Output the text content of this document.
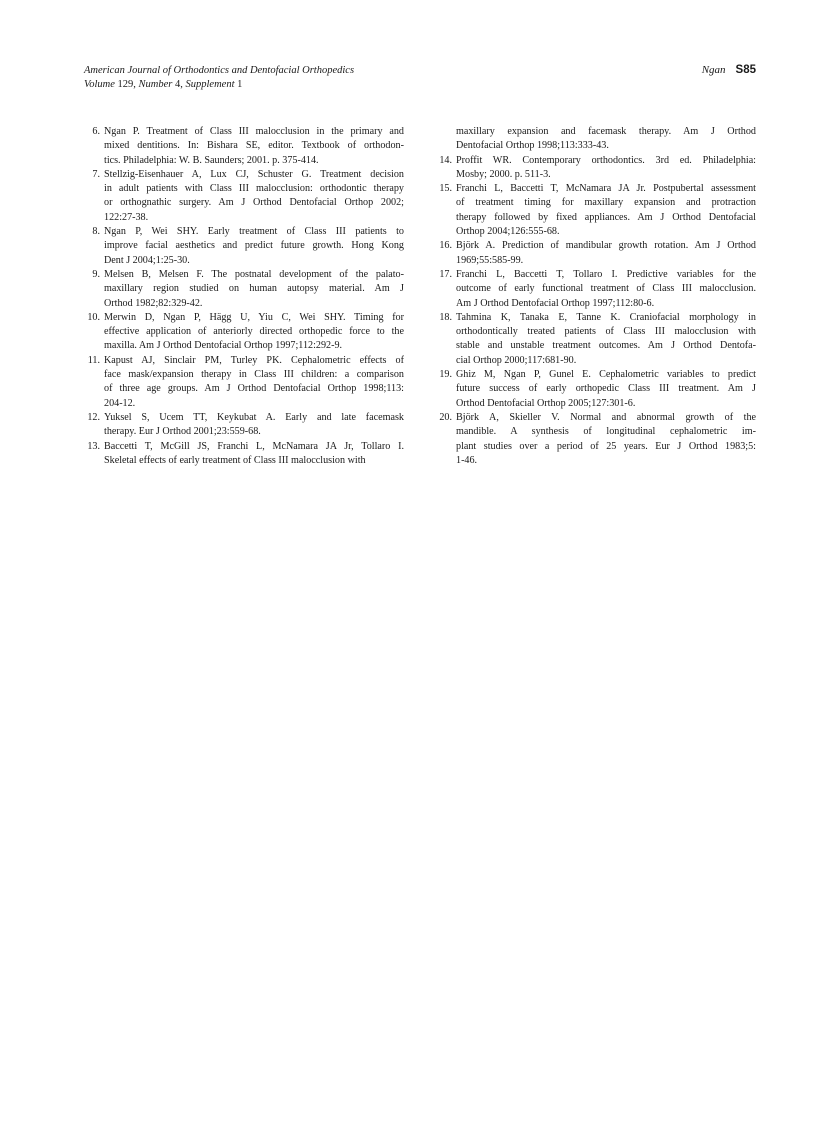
American Journal of Orthodontics and Dentofacial Orthopedics
Volume 129, Number 4, Supplement 1
Ngan S85
6. Ngan P. Treatment of Class III malocclusion in the primary and
mixed dentitions. In: Bishara SE, editor. Textbook of orthodon-
tics. Philadelphia: W. B. Saunders; 2001. p. 375-414.
7. Stellzig-Eisenhauer A, Lux CJ, Schuster G. Treatment decision
in adult patients with Class III malocclusion: orthodontic therapy
or orthognathic surgery. Am J Orthod Dentofacial Orthop 2002;
122:27-38.
8. Ngan P, Wei SHY. Early treatment of Class III patients to
improve facial aesthetics and predict future growth. Hong Kong
Dent J 2004;1:25-30.
9. Melsen B, Melsen F. The postnatal development of the palato-
maxillary region studied on human autopsy material. Am J
Orthod 1982;82:329-42.
10. Merwin D, Ngan P, Hägg U, Yiu C, Wei SHY. Timing for
effective application of anteriorly directed orthopedic force to the
maxilla. Am J Orthod Dentofacial Orthop 1997;112:292-9.
11. Kapust AJ, Sinclair PM, Turley PK. Cephalometric effects of
face mask/expansion therapy in Class III children: a comparison
of three age groups. Am J Orthod Dentofacial Orthop 1998;113:
204-12.
12. Yuksel S, Ucem TT, Keykubat A. Early and late facemask
therapy. Eur J Orthod 2001;23:559-68.
13. Baccetti T, McGill JS, Franchi L, McNamara JA Jr, Tollaro I.
Skeletal effects of early treatment of Class III malocclusion with
maxillary expansion and facemask therapy. Am J Orthod
Dentofacial Orthop 1998;113:333-43.
14. Proffit WR. Contemporary orthodontics. 3rd ed. Philadelphia:
Mosby; 2000. p. 511-3.
15. Franchi L, Baccetti T, McNamara JA Jr. Postpubertal assessment
of treatment timing for maxillary expansion and protraction
therapy followed by fixed appliances. Am J Orthod Dentofacial
Orthop 2004;126:555-68.
16. Björk A. Prediction of mandibular growth rotation. Am J Orthod
1969;55:585-99.
17. Franchi L, Baccetti T, Tollaro I. Predictive variables for the
outcome of early functional treatment of Class III malocclusion.
Am J Orthod Dentofacial Orthop 1997;112:80-6.
18. Tahmina K, Tanaka E, Tanne K. Craniofacial morphology in
orthodontically treated patients of Class III malocclusion with
stable and unstable treatment outcomes. Am J Orthod Dentofa-
cial Orthop 2000;117:681-90.
19. Ghiz M, Ngan P, Gunel E. Cephalometric variables to predict
future success of early orthopedic Class III treatment. Am J
Orthod Dentofacial Orthop 2005;127:301-6.
20. Björk A, Skieller V. Normal and abnormal growth of the
mandible. A synthesis of longitudinal cephalometric im-
plant studies over a period of 25 years. Eur J Orthod 1983;5:
1-46.
